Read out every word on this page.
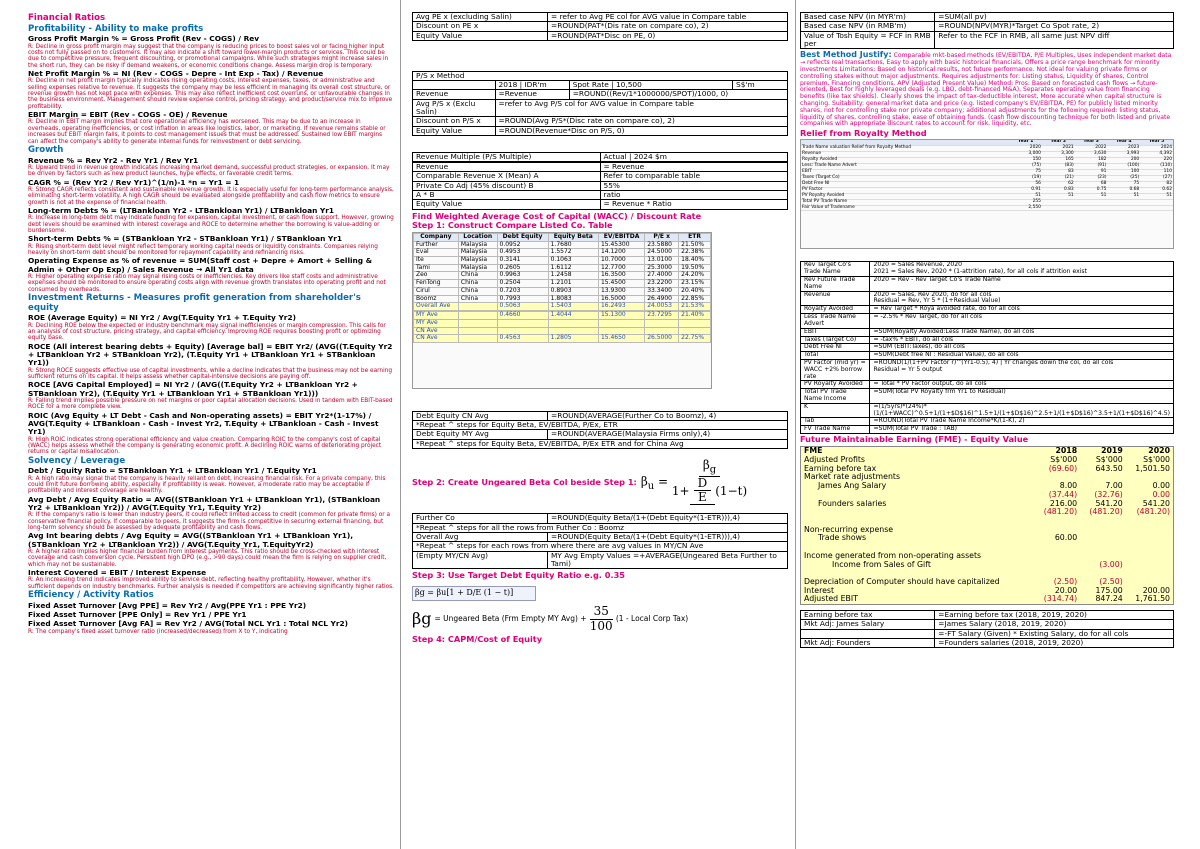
Financial Ratios
Profitability - Ability to make profits
Gross Profit Margin % = Gross Profit (Rev - COGS) / Rev
R: Decline in gross profit margin may suggest that the company is reducing prices to boost sales vol or facing higher input costs not fully passed on to customers. It may also indicate a shift toward lower-margin products or services. This could be due to competitive pressure, frequent discounting, or promotional campaigns. While such strategies might increase sales in the short run, they can be risky if demand weakens, or economic conditions change. Assess margin drop is temporary.
Net Profit Margin % = NI (Rev - COGS - Depre - Int Exp - Tax) / Revenue
R: Decline in net profit margin typically indicates rising operating costs, interest expenses, taxes, or administrative and selling expenses relative to revenue. It suggests the company may be less efficient in managing its overall cost structure, or revenue growth has not kept pace with expenses. This may also reflect inefficient cost overruns, or unfavourable changes in the business environment. Management should review expense control, pricing strategy, and product/service mix to improve profitability.
EBIT Margin = EBIT (Rev - COGS - OE) / Revenue
R: Decline in EBIT margin implies that core operational efficiency has worsened. This may be due to an increase in overheads, operating inefficiencies, or cost inflation in areas like logistics, labor, or marketing. If revenue remains stable or increases but EBIT margin falls, it points to cost management issues that must be addressed. Sustained low EBIT margins can affect the company's ability to generate internal funds for reinvestment or debt servicing.
Growth
Revenue % = Rev Yr2 - Rev Yr1 / Rev Yr1
R: Upward trend in revenue growth indicates increasing market demand, successful product strategies, or expansion. It may be driven by factors such as new product launches, hype effects, or favorable credit terms.
CAGR % = (Rev Yr2 / Rev Yr1)^(1/n)-1 *n = Yr1 = 1
R: Strong CAGR reflects consistent and sustainable revenue growth. It is especially useful for long-term performance analysis, eliminating short-term volatility. A high CAGR should be evaluated alongside profitability and cash flow metrics to ensure growth is not at the expense of financial health.
Long-term Debts % = (LTBankloan Yr2 - LTBankloan Yr1) / LTBankloan Yr1
R: Increase in long-term debt may indicate funding for expansion, capital investment, or cash flow support. However, growing debt levels should be examined with interest coverage and ROCE to determine whether the borrowing is value-adding or burdensome.
Short-term Debts % = (STBankloan Yr2 - STBankloan Yr1) / STBankloan Yr1
R: Rising short-term debt level might reflect temporary working capital needs or liquidity constraints. Companies relying heavily on short-term debt should be monitored for repayment capability and refinancing risks.
Operating Expense as % of revenue = SUM(Staff cost + Depre + Amort + Selling & Admin + Other Op Exp) / Sales Revenue → All Yr1 data
R: Higher operating expense ratio may signal rising costs or inefficiencies. Key drivers like staff costs and administrative expenses should be monitored to ensure operating costs align with revenue growth translates into operating profit and not consumed by overheads.
Investment Returns - Measures profit generation from shareholder's equity
ROE (Average Equity) = NI Yr2 / Avg(T.Equity Yr1 + T.Equity Yr2)
R: Declining ROE below the expected or industry benchmark may signal inefficiencies or margin compression. This calls for an analysis of cost structure, pricing strategy, and capital efficiency. Improving ROE requires boosting profit or optimizing equity base.
ROCE (All interest bearing debts + Equity) [Average bal] = EBIT Yr2/ (AVG((T.Equity Yr2 + LTBankloan Yr2 + STBankloan Yr2), (T.Equity Yr1 + LTBankloan Yr1 + STBankloan Yr1))
R: Strong ROCE suggests effective use of capital investments, while a decline indicates that the business may not be earning sufficient returns on its capital. It helps assess whether capital-intensive decisions are paying off.
ROCE [AVG Capital Employed] = NI Yr2 / (AVG((T.Equity Yr2 + LTBankloan Yr2 + STBankloan Yr2), (T.Equity Yr1 + LTBankloan Yr1 + STBankloan Yr1)))
R: Falling trend implies possible pressure on net margins or poor capital allocation decisions. Used in tandem with EBIT-based ROCE for a more complete view.
ROIC (Avg Equity + LT Debt - Cash and Non-operating assets) = EBIT Yr2*(1-17%) / AVG(T.Equity + LTBankloan - Cash - Invest Yr2, T.Equity + LTBankloan - Cash - Invest Yr1)
R: High ROIC indicates strong operational efficiency and value creation. Comparing ROIC to the company's cost of capital (WACC) helps assess whether the company is generating economic profit. A declining ROIC warns of deteriorating project returns or capital misallocation.
Solvency / Leverage
Debt / Equity Ratio = STBankloan Yr1 + LTBankloan Yr1 / T.Equity Yr1
R: A high ratio may signal that the company is heavily reliant on debt, increasing financial risk. For a private company, this could limit future borrowing ability, especially if profitability is weak. However, a moderate ratio may be acceptable if profitability and interest coverage are healthy.
Avg Debt / Avg Equity Ratio = AVG((STBankloan Yr1 + LTBankloan Yr1), (STBankloan Yr2 + LTBankloan Yr2)) / AVG(T.Equity Yr1, T.Equity Yr2)
R: If the company's ratio is lower than industry peers, it could reflect limited access to credit (common for private firms) or a conservative financial policy. If comparable to peers, it suggests the firm is competitive in securing external financing, but long-term solvency should be assessed by adequate profitability and cash flows.
Avg Int bearing debts / Avg Equity = AVG((STBankloan Yr1 + LTBankloan Yr1), (STBankloan Yr2 + LTBankloan Yr2)) / AVG(T.Equity Yr1, T.EquityYr2)
R: A higher ratio implies higher financial burden from interest payments. This ratio should be cross-checked with interest coverage and cash conversion cycle. Persistent high DPO (e.g., >90 days) could mean the firm is relying on supplier credit, which may not be sustainable.
Interest Covered = EBIT / Interest Expense
R: An increasing trend indicates improved ability to service debt, reflecting healthy profitability. However, whether it's sufficient depends on industry benchmarks. Further analysis is needed if competitors are achieving significantly higher ratios.
Efficiency / Activity Ratios
Fixed Asset Turnover [Avg PPE] = Rev Yr2 / Avg(PPE Yr1 : PPE Yr2)
Fixed Asset Turnover [PPE Only] = Rev Yr1 / PPE Yr1
Fixed Asset Turnover [Avg FA] = Rev Yr2 / AVG(Total NCL Yr1 : Total NCL Yr2)
R: The company's fixed asset turnover ratio (increased/decreased) from X to Y, indicating
Avg PE x (excluding Salin)	= refer to Avg PE col for AVG value in Compare table
Discount on PE x	=ROUND(PAT*(Dis rate on compare co), 2)
Equity Value	=ROUND(PAT*Disc on PE, 0)
P/S x Method			
	2018 | IDR'm	Spot Rate | 10,500	S$'m
Revenue	=Revenue	=ROUND((Rev/1*1000000/SPOT)/1000, 0)	
Avg P/S x (Exclu Salin)	=refer to Avg P/S col for AVG value in Compare table		
Discount on P/S x	=ROUND(Avg P/S*(Disc rate on compare co), 2)		
Equity Value	=ROUND(Revenue*Disc on P/S, 0)		
Revenue Multiple (P/S Multiple)	Actual | 2024 $m

Revenue	= Revenue
Comparable Revenue X (Mean) A	Refer to comparable table
Private Co Adj (45% discount) B	55%
A * B	ratio
Equity Value	= Revenue * Ratio
Find Weighted Average Cost of Capital (WACC) / Discount Rate
Step 1: Construct Compare Listed Co. Table
Company	Location	Debt Equity	Equity Beta	EV/EBITDA	P/E x	ETR
Further	Malaysia	0.0952	1.7680	15.45300	23.5880	21.50%
Eval	Malaysia	0.4953	1.5572	14.1200	24.5000	22.38%
Ite	Malaysia	0.3141	0.1063	10.7000	13.0100	18.40%
Tami	Malaysia	0.2605	1.6112	12.7700	25.3000	19.50%
Zeo	China	0.9963	1.2458	16.3500	27.4000	24.20%
FenTong	China	0.2504	1.2101	15.4500	23.2200	23.15%
Cirul	China	0.7203	0.8903	13.9300	33.3400	20.40%
Boomz	China	0.7993	1.8083	16.5000	26.4900	22.85%
Overall Ave		0.5063	1.5403	16.2493	24.0053	21.53%

MY Ave		0.4660	1.4044	15.1300	23.7295	21.40%
MY Ave						
CN Ave						
CN Ave		0.4563	1.2805	15.4650	26.5000	22.75%
Debt Equity CN Avg	=ROUND(AVERAGE(Further Co to Boomz), 4)
*Repeat ^ steps for Equity Beta, EV/EBITDA, P/Ex, ETR	
Debt Equity MY Avg	=ROUND(AVERAGE(Malaysia Firms only),4)
*Repeat ^ steps for Equity Beta, EV/EBITDA, P/Ex ETR and for China Avg	
Step 2: Create Ungeared Beta Col beside Step 1: $\beta_u = \frac{\beta_g}{1+ \frac{D}{E} (1-t)}$
Further Co	=ROUND(Equity Beta/(1+(Debt Equity*(1-ETR))),4)
*Repeat ^ steps for all the rows from Futher Co : Boomz	
Overall Avg	=ROUND(Equity Beta/(1+(Debt Equity*(1-ETR))),4)
*Repeat ^ steps for each rows from where there are avg values in MY/CN Ave	
(Empty MY/CN Avg)	MY Avg Empty Values =+AVERAGE(Ungeared Beta Further to Tami)
Step 3: Use Target Debt Equity Ratio e.g. 0.35
βg = βu[1 + D/E (1 − t)]
βg = Ungeared Beta (Frm Empty MY $Avg) + \frac{35}{100} (1$ - Local Corp Tax)
Step 4: CAPM/Cost of Equity
Based case NPV (in MYR'm)	=SUM(all pv)
Based case NPV (in RMB'm)	=ROUND(NPV(MYR)*Target Co Spot rate, 2)
Value of Tosh Equity = FCF in RMB per	Refer to the FCF in RMB, all same just NPV diff
Best Method Justify: Comparable mkt-based methods (EV/EBITDA, P/E Multiples, Uses independent market data → reflects real transactions, Easy to apply with basic historical financials, Offers a price range benchmark for minority investments Limitations: Based on historical results, not future performance. Not ideal for valuing private firms or controlling stakes without major adjustments. Requires adjustments for: Listing status, Liquidity of shares, Control premium, Financing conditions. APV (Adjusted Present Value) Method: Pros: Based on forecasted cash flows → future-oriented, Best for highly leveraged deals (e.g. LBO, debt-financed M&A), Separates operating value from financing benefits (like tax shields). Clearly shows the impact of tax-deductible interest, More accurate when capital structure is changing. Suitability: general market data and price (e.g. listed company's EV/EBITDA, PE) for publicly listed minority shares, not for controlling stake nor private company; additional adjustments for the following required: listing status, liquidity of shares, controlling stake, ease of obtaining funds. (cash flow discounting technique for both listed and private companies with appropriate discount rates to account for risk, liquidity, etc.
Relief from Royalty Method
	Year 1	Year 2	Year 3	Year 4	Year 5
Trade Name valuation Relief from Royalty Method	2020	2021	2022	2023	2024
Revenue	3,000	3,300	3,630	3,993	4,392
Royalty Avoided	150	165	182	200	220
Less: Trade Name Advert	(75)	(83)	(91)	(100)	(110)
EBIT	75	83	91	100	110
Taxes (Target Co)	(19)	(21)	(23)	(25)	(27)
Debt Free NI	56	62	68	75	82
PV Factor	0.91	0.83	0.75	0.68	0.62
PV Royalty Avoided	51	51	51	51	51
Total PV Trade Name	255				
Fair Value of Tradename	2,550				
Rev Target Co's Trade Name	2020 = Sales Revenue, 2020
2021 = Sales Rev, 2020 * (1-attrition rate), for all cols if attrition exist
Rev Future Trade Name	2020 = Rev - Rev Target Co's Trade Name
Revenue	2020 = Sales, Rev 2020, do for all cols
Residual = Rev, Yr 5 * (1+Residual Value)
Royalty Avoided	= Rev Target * Roya avoided rate, do for all cols
Less Trade Name Advert	= -2.5% * Rev Target, do for all cols
EBIT	=SUM(Royalty Avoided:Less Trade Name), do all cols
Taxes (Target Co)	= -tax% * EBIT, do all cols
Debt Free NI	=SUM (EBIT:Taxes), do all cols
Total	=SUM(Debt free NI : Residual Value), do all cols
PV Factor (mid yr) = WACC +2% borrow rate	=ROUND(1/(1+PV Factor r)^(Yr1-0.5), 4) | Yr changes down the col, do all cols
Residual = Yr 5 output
PV Royalty Avoided	= Total * PV Factor output, do all cols
Total PV Trade Name Income	=SUM(Total PV Royalty frm Yr1 to Residual)
K	=(1/5yrs)*(24%)*(1/(1+WACC)^0.5+1/(1+$D$16)^1.5+1/(1+$D$16)^2.5+1/(1+$D$16)^3.5+1/(1+$D$16)^4.5)
Tab	=ROUND(Total PV Trade Name Income*K/(1-K), 2)
FV Trade Name	=SUM(Total PV Trade : TAB)
Future Maintainable Earning (FME) - Equity Value
FME	2018	2019	2020
Adjusted Profits	S$'000	S$'000	S$'000
Earning before tax	(69.60)	643.50	1,501.50
Market rate adjustments			
James Ang Salary	8.00	7.00	0.00
	(37.44)	(32.76)	0.00
Founders salaries	216.00	541.20	541.20
	(481.20)	(481.20)	(481.20)

Non-recurring expense			
Trade shows	60.00		

Income generated from non-operating assets			
Income from Sales of Gift		(3.00)	

Depreciation of Computer should have capitalized	(2.50)	(2.50)	
Interest	20.00	175.00	200.00
Adjusted EBIT	(314.74)	847.24	1,761.50
Earning before tax	=Earning before tax (2018, 2019, 2020)
Mkt Adj: James Salary	=James Salary (2018, 2019, 2020)
	=-FT Salary (Given) * Existing Salary, do for all cols
Mkt Adj: Founders	=Founders salaries (2018, 2019, 2020)
